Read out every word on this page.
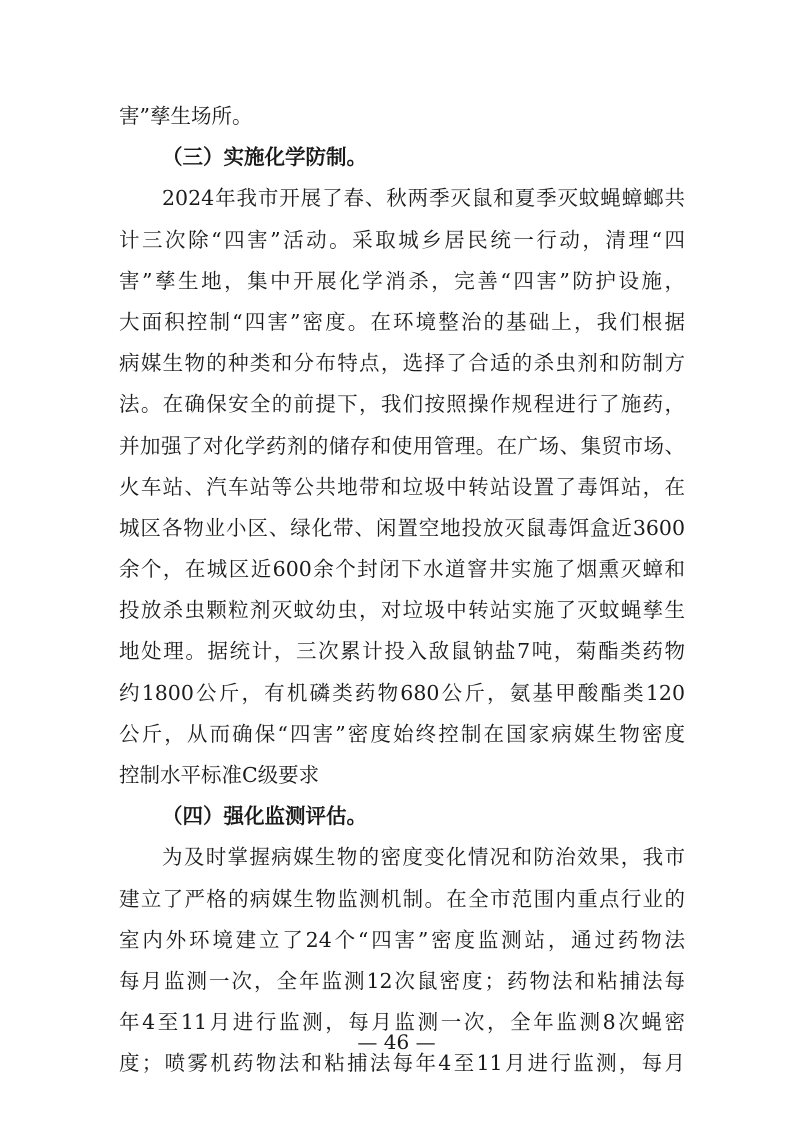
害”孳生场所。
（三）实施化学防制。
2024年我市开展了春、秋两季灭鼠和夏季灭蚊蝇蟑螂共
计三次除“四害”活动。采取城乡居民统一行动，清理“四
害”孳生地，集中开展化学消杀，完善“四害”防护设施，
大面积控制“四害”密度。在环境整治的基础上，我们根据
病媒生物的种类和分布特点，选择了合适的杀虫剂和防制方
法。在确保安全的前提下，我们按照操作规程进行了施药，
并加强了对化学药剂的储存和使用管理。在广场、集贸市场、
火车站、汽车站等公共地带和垃圾中转站设置了毒饵站，在
城区各物业小区、绿化带、闲置空地投放灭鼠毒饵盒近3600
余个，在城区近600余个封闭下水道窨井实施了烟熏灭蟑和
投放杀虫颗粒剂灭蚊幼虫，对垃圾中转站实施了灭蚊蝇孳生
地处理。据统计，三次累计投入敌鼠钠盐7吨，菊酯类药物
约1800公斤，有机磷类药物680公斤，氨基甲酸酯类120
公斤，从而确保“四害”密度始终控制在国家病媒生物密度
控制水平标准C级要求
（四）强化监测评估。
为及时掌握病媒生物的密度变化情况和防治效果，我市
建立了严格的病媒生物监测机制。在全市范围内重点行业的
室内外环境建立了24个“四害”密度监测站，通过药物法
每月监测一次，全年监测12次鼠密度；药物法和粘捕法每
年4至11月进行监测，每月监测一次，全年监测8次蝇密
度；喷雾机药物法和粘捕法每年4至11月进行监测，每月
— 46 —
